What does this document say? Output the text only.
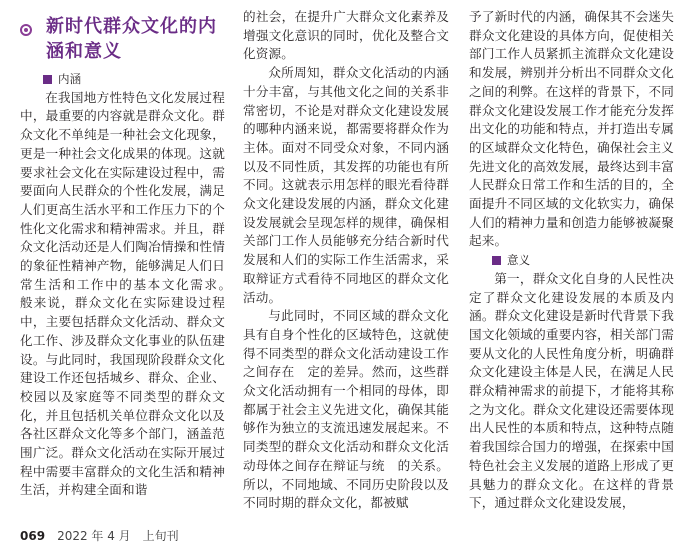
新时代群众文化的内涵和意义
内涵

在我国地方性特色文化发展过程中，最重要的内容就是群众文化。群众文化不单纯是一种社会文化现象，更是一种社会文化成果的体现。这就要求社会文化在实际建设过程中，需要面向人民群众的个性化发展，满足人们更高生活水平和工作压力下的个性化文化需求和精神需求。并且，群众文化活动还是人们陶冶情操和性情的象征性精神产物，能够满足人们日常生活和工作中的基本文化需求。　般来说，群众文化在实际建设过程中，主要包括群众文化活动、群众文化工作、涉及群众文化事业的队伍建设。与此同时，我国现阶段群众文化建设工作还包括城乡、群众、企业、校园以及家庭等不同类型的群众文化，并且包括机关单位群众文化以及各社区群众文化等多个部门，涵盖范围广泛。群众文化活动在实际开展过程中需要丰富群众的文化生活和精神生活，并构建全面和谐

的社会，在提升广大群众文化素养及增强文化意识的同时，优化及整合文化资源。

众所周知，群众文化活动的内涵十分丰富，与其他文化之间的关系非常密切，不论是对群众文化建设发展的哪种内涵来说，都需要将群众作为主体。面对不同受众对象，不同内涵以及不同性质，其发挥的功能也有所不同。这就表示用怎样的眼光看待群众文化建设发展的内涵，群众文化建设发展就会呈现怎样的规律，确保相关部门工作人员能够充分结合新时代发展和人们的实际工作生活需求，采取辩证方式看待不同地区的群众文化活动。

与此同时，不同区域的群众文化具有自身个性化的区域特色，这就使得不同类型的群众文化活动建设工作之间存在　定的差异。然而，这些群众文化活动拥有一个相同的母体，即都属于社会主义先进文化，确保其能够作为独立的支流迅速发展起来。不同类型的群众文化活动和群众文化活动母体之间存在辩证与统　的关系。所以，不同地域、不同历史阶段以及不同时期的群众文化，都被赋

予了新时代的内涵，确保其不会迷失群众文化建设的具体方向，促使相关部门工作人员紧抓主流群众文化建设和发展，辨别并分析出不同群众文化之间的利弊。在这样的背景下，不同群众文化建设发展工作才能充分发挥出文化的功能和特点，并打造出专属的区域群众文化特色，确保社会主义先进文化的高效发展，最终达到丰富人民群众日常工作和生活的目的，全面提升不同区域的文化软实力，确保人们的精神力量和创造力能够被凝聚起来。

意义

第一，群众文化自身的人民性决定了群众文化建设发展的本质及内涵。群众文化建设是新时代背景下我国文化领域的重要内容，相关部门需要从文化的人民性角度分析，明确群众文化建设主体是人民，在满足人民群众精神需求的前提下，才能将其称之为文化。群众文化建设还需要体现出人民性的本质和特点，这种特点随着我国综合国力的增强，在探索中国特色社会主义发展的道路上形成了更具魅力的群众文化。在这样的背景下，通过群众文化建设发展，

069 2022 年 4 月　上旬刊
